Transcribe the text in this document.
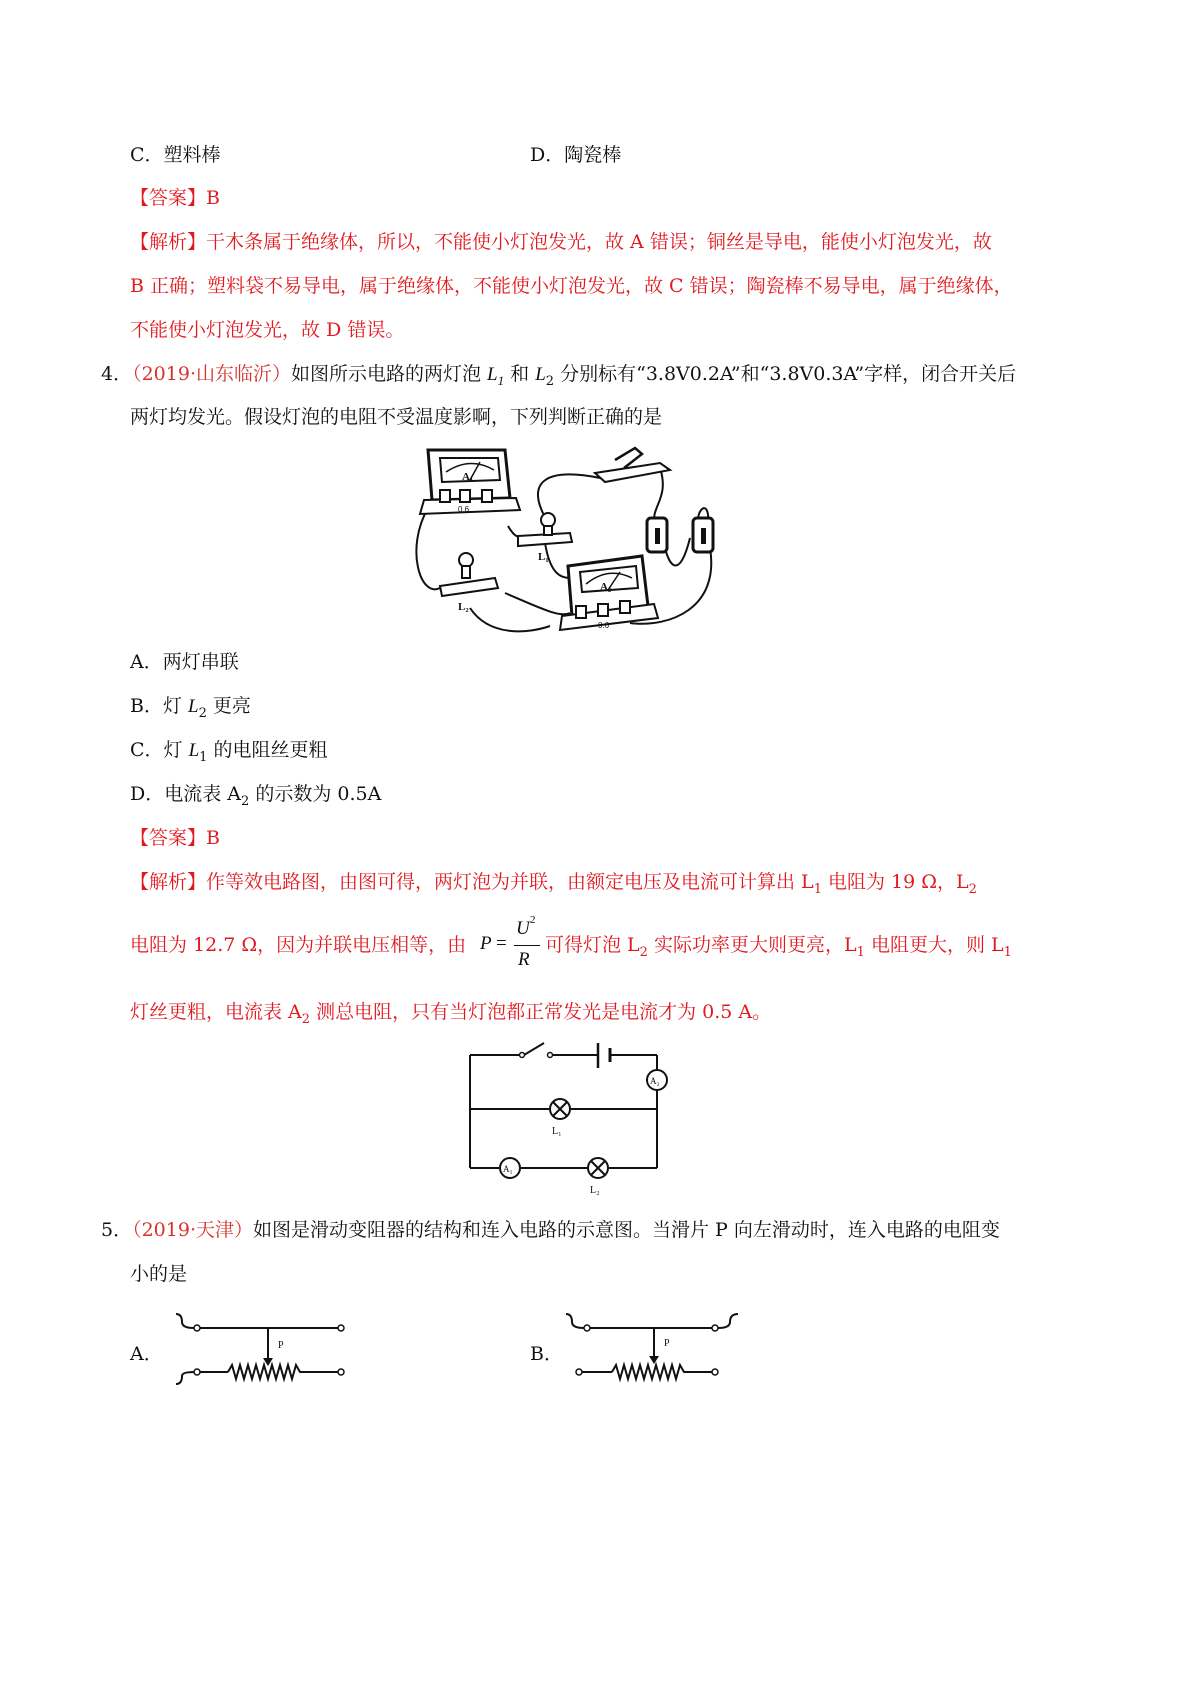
C．塑料棒	D．陶瓷棒
【答案】B
【解析】干木条属于绝缘体，所以，不能使小灯泡发光，故 A 错误；铜丝是导电，能使小灯泡发光，故
B 正确；塑料袋不易导电，属于绝缘体，不能使小灯泡发光，故 C 错误；陶瓷棒不易导电，属于绝缘体，
不能使小灯泡发光，故 D 错误。
4．（2019·山东临沂）如图所示电路的两灯泡 $L_1$ 和 $L_2$ 分别标有“3.8V0.2A”和“3.8V0.3A”字样，闭合开关后
两灯均发光。假设灯泡的电阻不受温度影啊，下列判断正确的是
A₁
0.6
L₁
L₂
A₂
0.6
A．两灯串联
B．灯 $L_2$ 更亮
C．灯 $L_1$ 的电阻丝更粗
D．电流表 $A_2$ 的示数为 0.5A
【答案】B
【解析】作等效电路图，由图可得，两灯泡为并联，由额定电压及电流可计算出 $L_1$ 电阻为 19 Ω，$L_2$
电阻为 12.7 Ω，因为并联电压相等，由 P =
U 2
R
可得灯泡 $L_2$ 实际功率更大则更亮，$L_1$ 电阻更大，则 $L_1$
灯丝更粗，电流表 $A_2$ 测总电阻，只有当灯泡都正常发光是电流才为 0.5 A。
A₂
L₁
A₁
L₂
5．（2019·天津）如图是滑动变阻器的结构和连入电路的示意图。当滑片 P 向左滑动时，连入电路的电阻变
小的是
A．	P	B．	P
